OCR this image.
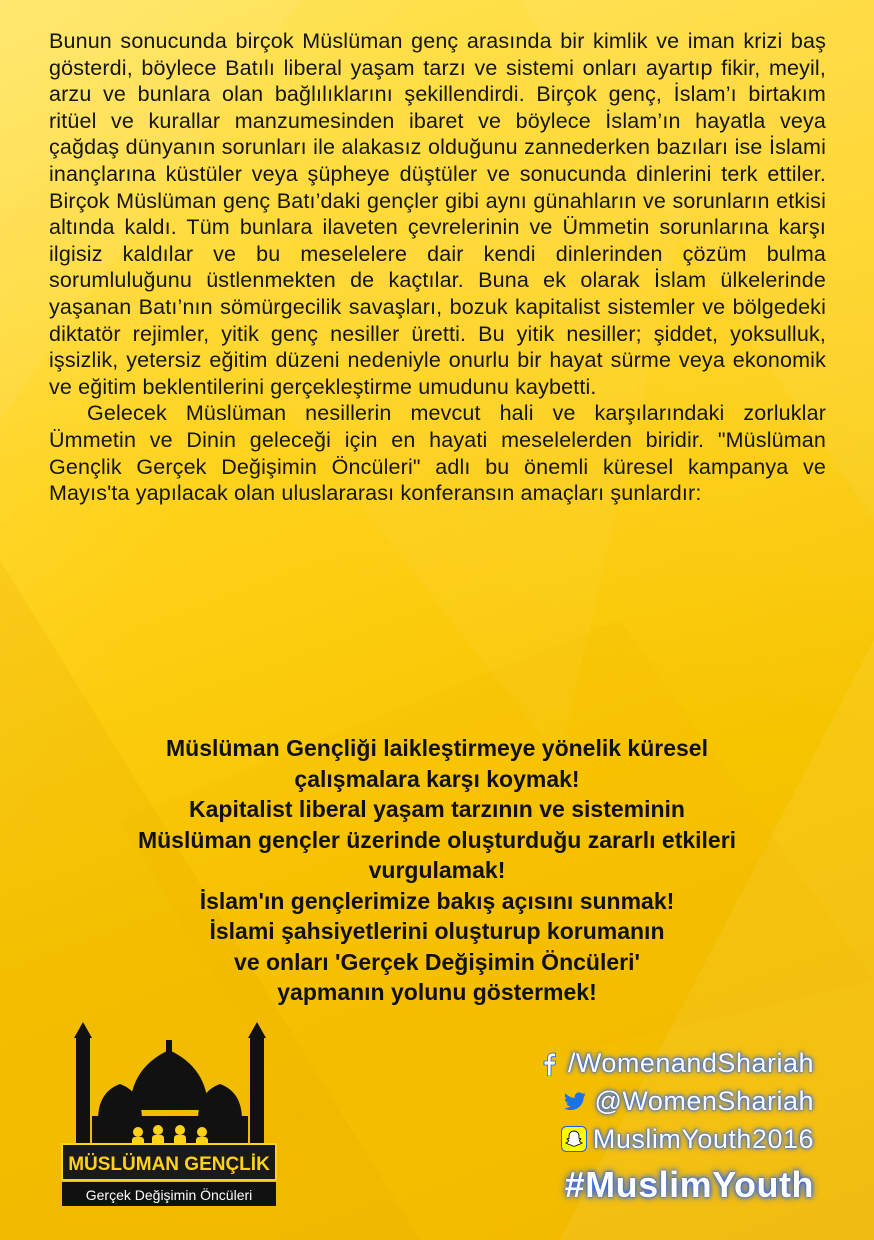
Bunun sonucunda birçok Müslüman genç arasında bir kimlik ve iman krizi baş gösterdi, böylece Batılı liberal yaşam tarzı ve sistemi onları ayartıp fikir, meyil, arzu ve bunlara olan bağlılıklarını şekillendirdi. Birçok genç, İslam’ı birtakım ritüel ve kurallar manzumesinden ibaret ve böylece İslam’ın hayatla veya çağdaş dünyanın sorunları ile alakasız olduğunu zannederken bazıları ise İslami inançlarına küstüler veya şüpheye düştüler ve sonucunda dinlerini terk ettiler. Birçok Müslüman genç Batı’daki gençler gibi aynı günahların ve sorunların etkisi altında kaldı. Tüm bunlara ilaveten çevrelerinin ve Ümmetin sorunlarına karşı ilgisiz kaldılar ve bu meselelere dair kendi dinlerinden çözüm bulma sorumluluğunu üstlenmekten de kaçtılar. Buna ek olarak İslam ülkelerinde yaşanan Batı’nın sömürgecilik savaşları, bozuk kapitalist sistemler ve bölgedeki diktatör rejimler, yitik genç nesiller üretti. Bu yitik nesiller; şiddet, yoksulluk, işsizlik, yetersiz eğitim düzeni nedeniyle onurlu bir hayat sürme veya ekonomik ve eğitim beklentilerini gerçekleştirme umudunu kaybetti.

Gelecek Müslüman nesillerin mevcut hali ve karşılarındaki zorluklar Ümmetin ve Dinin geleceği için en hayati meselelerden biridir. "Müslüman Gençlik Gerçek Değişimin Öncüleri" adlı bu önemli küresel kampanya ve Mayıs'ta yapılacak olan uluslararası konferansın amaçları şunlardır:

Müslüman Gençliği laikleştirmeye yönelik küresel
çalışmalara karşı koymak!
Kapitalist liberal yaşam tarzının ve sisteminin
Müslüman gençler üzerinde oluşturduğu zararlı etkileri
vurgulamak!
İslam'ın gençlerimize bakış açısını sunmak!
İslami şahsiyetlerini oluşturup korumanın
ve onları 'Gerçek Değişimin Öncüleri'
yapmanın yolunu göstermek!
MÜSLÜMAN GENÇLİK
Gerçek Değişimin Öncüleri
/WomenandShariah
@WomenShariah
MuslimYouth2016
#MuslimYouth
